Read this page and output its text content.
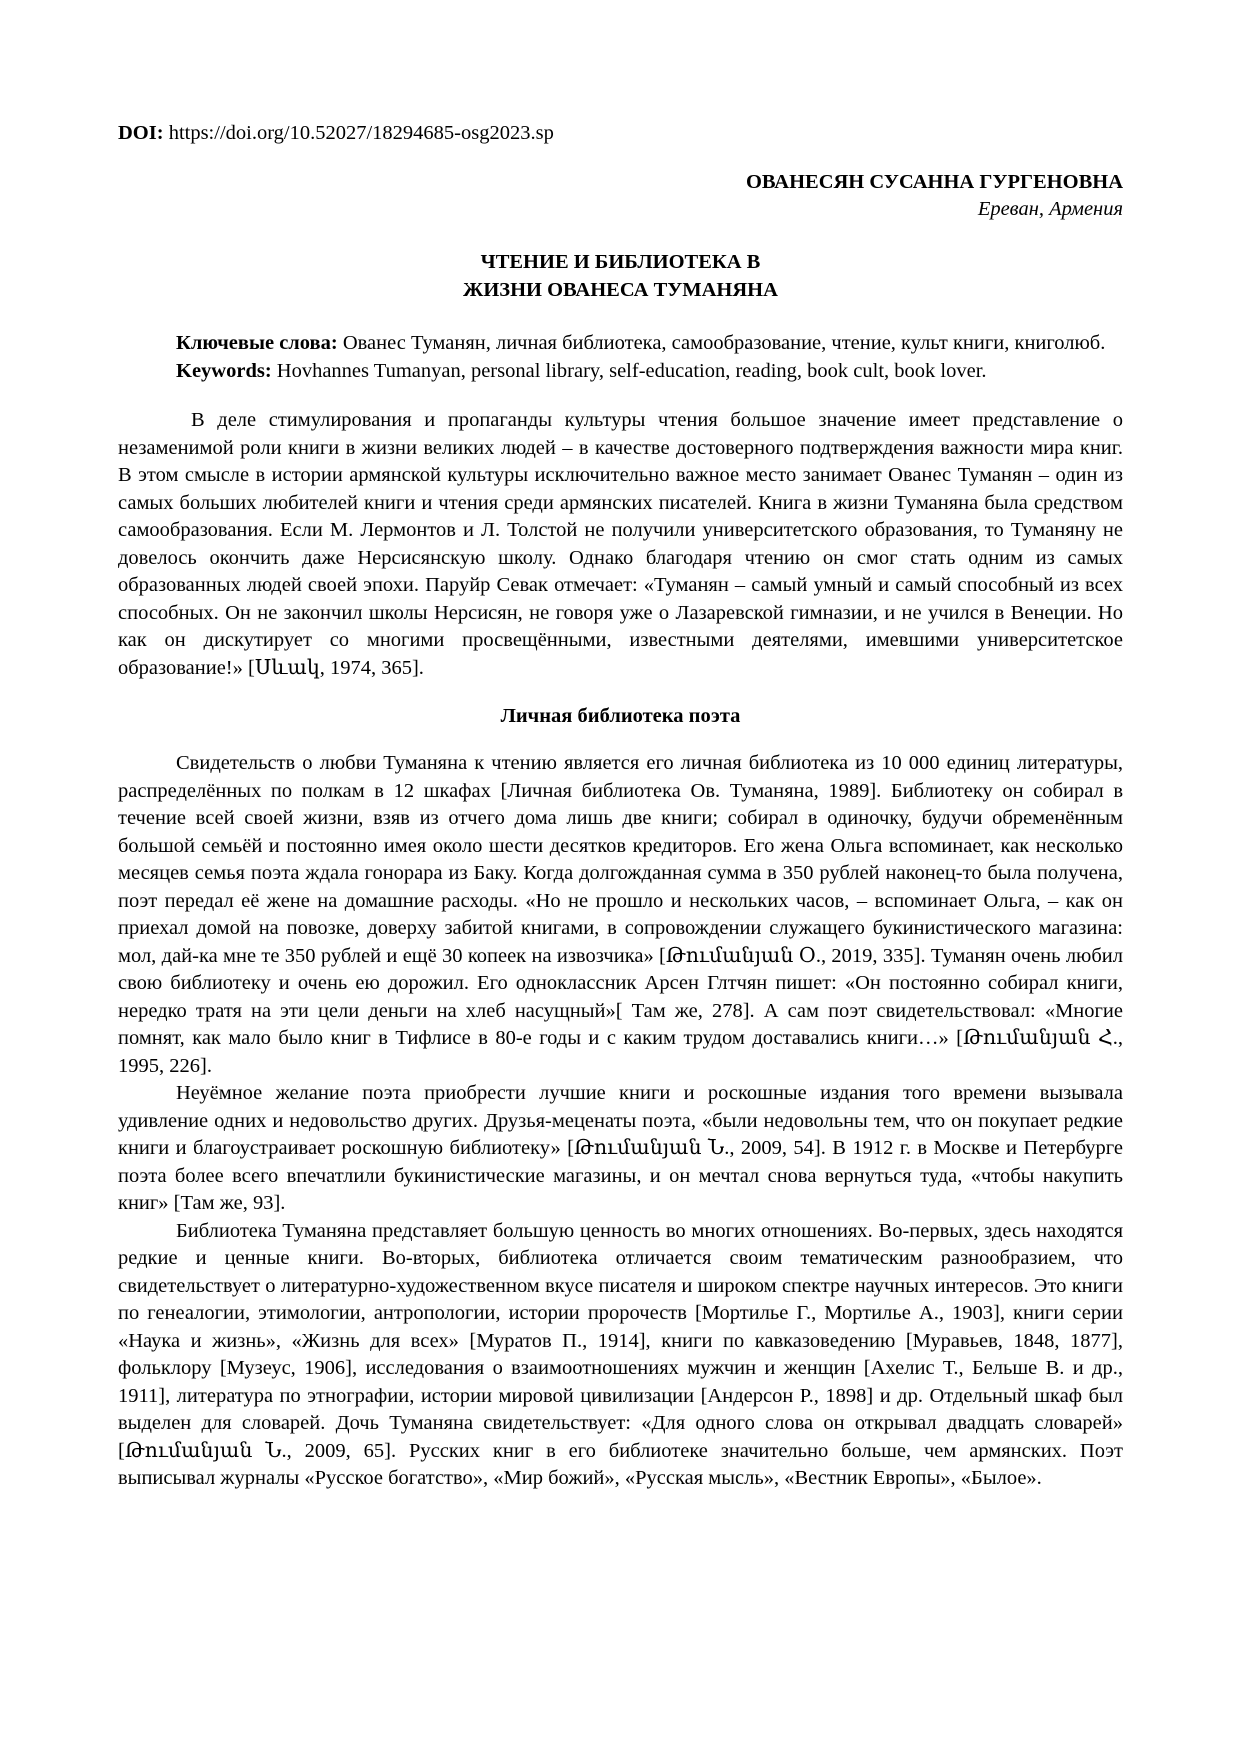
DOI: https://doi.org/10.52027/18294685-osg2023.sp

ОВАНЕСЯН СУСАННА ГУРГЕНОВНА
Ереван, Армения
ЧТЕНИЕ И БИБЛИОТЕКА В
ЖИЗНИ ОВАНЕСА ТУМАНЯНА

Ключевые слова: Ованес Туманян, личная библиотека, самообразование, чтение, культ книги, книголюб.

Keywords: Hovhannes Tumanyan, personal library, self-education, reading, book cult, book lover.

В деле стимулирования и пропаганды культуры чтения большое значение имеет представление о незаменимой роли книги в жизни великих людей – в качестве достоверного подтверждения важности мира книг. В этом смысле в истории армянской культуры исключительно важное место занимает Ованес Туманян – один из самых больших любителей книги и чтения среди армянских писателей. Книга в жизни Туманяна была средством самообразования. Если М. Лермонтов и Л. Толстой не получили университетского образования, то Туманяну не довелось окончить даже Нерсисянскую школу. Однако благодаря чтению он смог стать одним из самых образованных людей своей эпохи. Паруйр Севак отмечает: «Туманян – самый умный и самый способный из всех способных. Он не закончил школы Нерсисян, не говоря уже о Лазаревской гимназии, и не учился в Венеции. Но как он дискутирует со многими просвещёнными, известными деятелями, имевшими университетское образование!» [Սևակ, 1974, 365].

Личная библиотека поэта

Свидетельств о любви Туманяна к чтению является его личная библиотека из 10 000 единиц литературы, распределённых по полкам в 12 шкафах [Личная библиотека Ов. Туманяна, 1989]. Библиотеку он собирал в течение всей своей жизни, взяв из отчего дома лишь две книги; собирал в одиночку, будучи обременённым большой семьёй и постоянно имея около шести десятков кредиторов. Его жена Ольга вспоминает, как несколько месяцев семья поэта ждала гонорара из Баку. Когда долгожданная сумма в 350 рублей наконец-то была получена, поэт передал её жене на домашние расходы. «Но не прошло и нескольких часов, – вспоминает Ольга, – как он приехал домой на повозке, доверху забитой книгами, в сопровождении служащего букинистического магазина: мол, дай-ка мне те 350 рублей и ещё 30 копеек на извозчика» [Թումանյան Օ., 2019, 335]. Туманян очень любил свою библиотеку и очень ею дорожил. Его одноклассник Арсен Глтчян пишет: «Он постоянно собирал книги, нередко тратя на эти цели деньги на хлеб насущный»[ Там же, 278]. А сам поэт свидетельствовал: «Многие помнят, как мало было книг в Тифлисе в 80-е годы и с каким трудом доставались книги…» [Թումանյան Հ., 1995, 226].

Неуёмное желание поэта приобрести лучшие книги и роскошные издания того времени вызывала удивление одних и недовольство других. Друзья-меценаты поэта, «были недовольны тем, что он покупает редкие книги и благоустраивает роскошную библиотеку» [Թումանյան Ն., 2009, 54]. В 1912 г. в Москве и Петербурге поэта более всего впечатлили букинистические магазины, и он мечтал снова вернуться туда, «чтобы накупить книг» [Там же, 93].

Библиотека Туманяна представляет большую ценность во многих отношениях. Во-первых, здесь находятся редкие и ценные книги. Во-вторых, библиотека отличается своим тематическим разнообразием, что свидетельствует о литературно-художественном вкусе писателя и широком спектре научных интересов. Это книги по генеалогии, этимологии, антропологии, истории пророчеств [Мортилье Г., Мортилье А., 1903], книги серии «Наука и жизнь», «Жизнь для всех» [Муратов П., 1914], книги по кавказоведению [Муравьев, 1848, 1877], фольклору [Музеус, 1906], исследования о взаимоотношениях мужчин и женщин [Ахелис Т., Бельше В. и др., 1911], литература по этнографии, истории мировой цивилизации [Андерсон Р., 1898] и др. Отдельный шкаф был выделен для словарей. Дочь Туманяна свидетельствует: «Для одного слова он открывал двадцать словарей» [Թումանյան Ն., 2009, 65]. Русских книг в его библиотеке значительно больше, чем армянских. Поэт выписывал журналы «Русское богатство», «Мир божий», «Русская мысль», «Вестник Европы», «Былое».
